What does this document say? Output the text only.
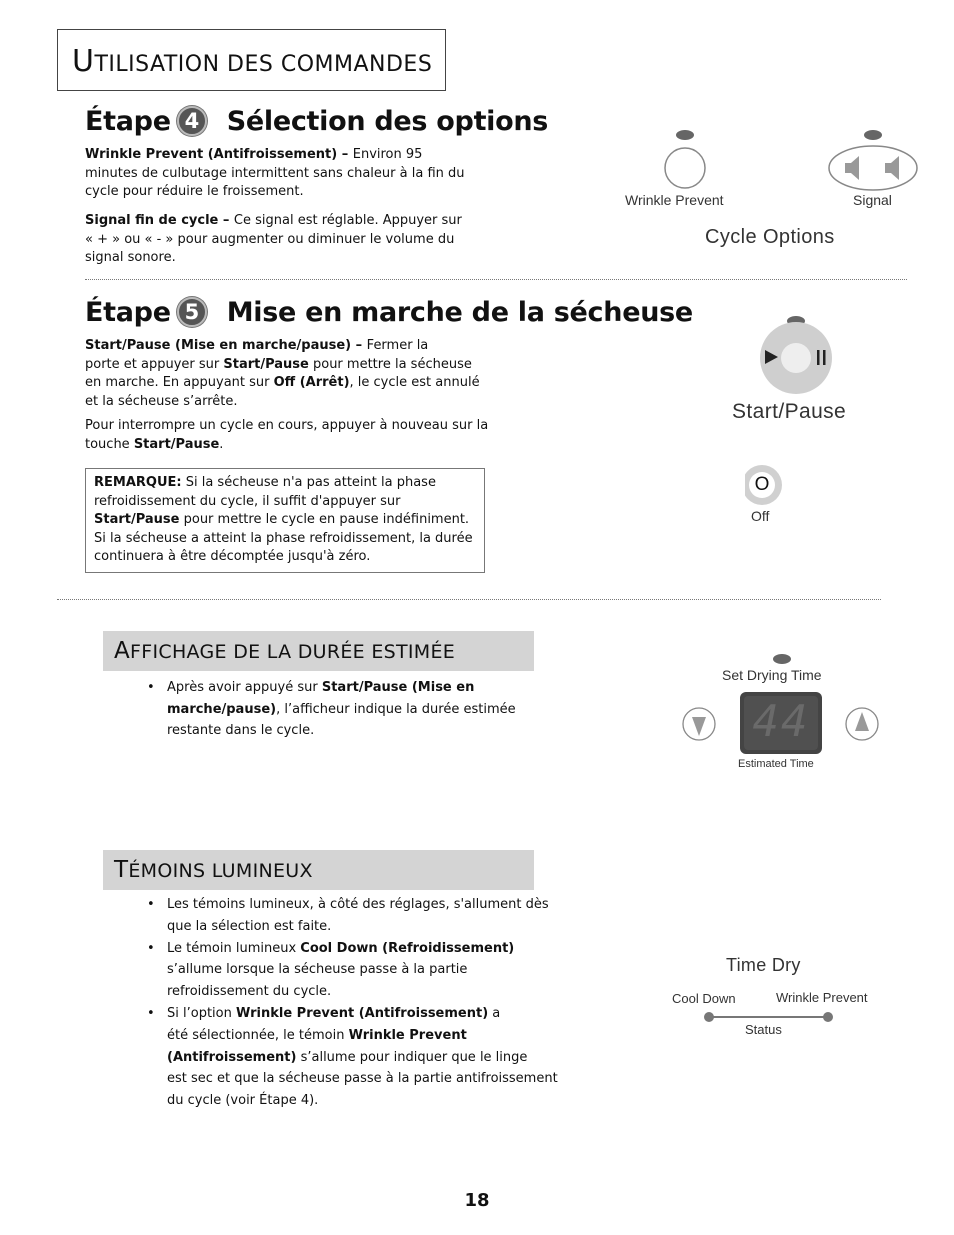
UTILISATION DES COMMANDES
Étape 4 Sélection des options
Wrinkle Prevent (Antifroissement) – Environ 95
minutes de culbutage intermittent sans chaleur à la fin du
cycle pour réduire le froissement.
Signal fin de cycle – Ce signal est réglable. Appuyer sur
« + » ou « - » pour augmenter ou diminuer le volume du
signal sonore.
Wrinkle Prevent	Signal
Cycle Options
Étape 5 Mise en marche de la sécheuse
Start/Pause (Mise en marche/pause) – Fermer la
porte et appuyer sur Start/Pause pour mettre la sécheuse
en marche. En appuyant sur Off (Arrêt), le cycle est annulé
et la sécheuse s’arrête.
Pour interrompre un cycle en cours, appuyer à nouveau sur la
touche Start/Pause.
REMARQUE: Si la sécheuse n'a pas atteint la phase
refroidissement du cycle, il suffit d'appuyer sur
Start/Pause pour mettre le cycle en pause indéfiniment.
Si la sécheuse a atteint la phase refroidissement, la durée
continuera à être décomptée jusqu'à zéro.
Start/Pause
O
Off
AFFICHAGE DE LA DURÉE ESTIMÉE
• Après avoir appuyé sur Start/Pause (Mise en
marche/pause), l’afficheur indique la durée estimée
restante dans le cycle.
Set Drying Time
44
Estimated Time
TÉMOINS LUMINEUX
• Les témoins lumineux, à côté des réglages, s'allument dès
que la sélection est faite.
• Le témoin lumineux Cool Down (Refroidissement)
s’allume lorsque la sécheuse passe à la partie
refroidissement du cycle.
• Si l’option Wrinkle Prevent (Antifroissement) a
été sélectionnée, le témoin Wrinkle Prevent
(Antifroissement) s’allume pour indiquer que le linge
est sec et que la sécheuse passe à la partie antifroissement
du cycle (voir Étape 4).
Time Dry
Cool Down	Wrinkle Prevent
Status
18
